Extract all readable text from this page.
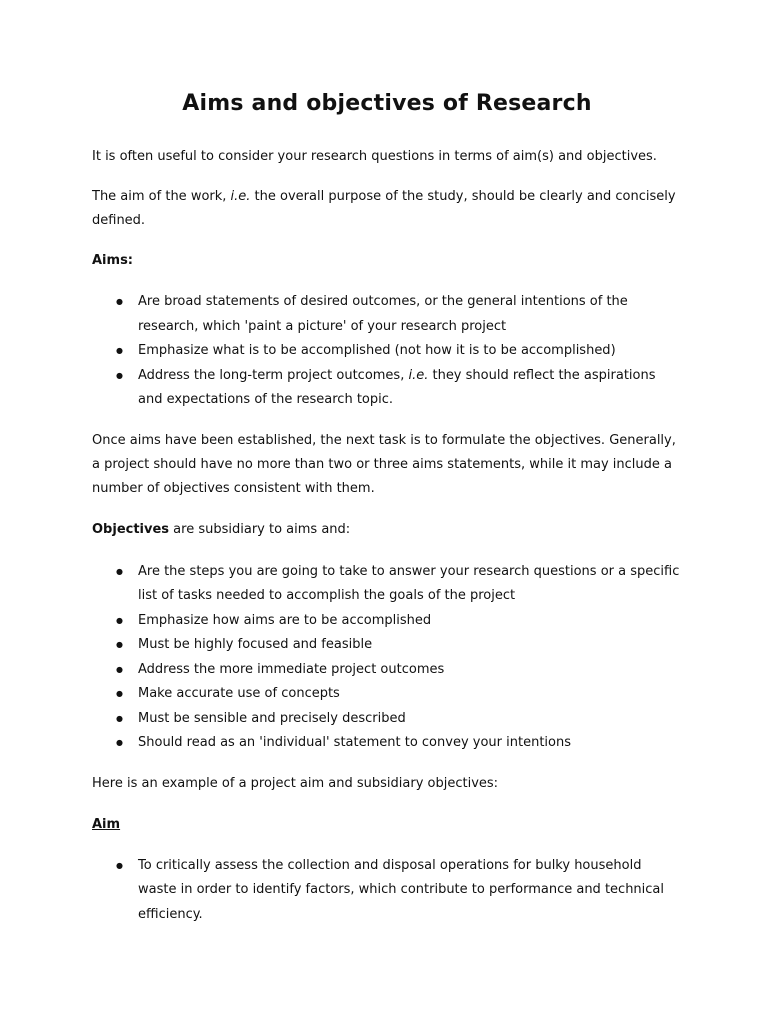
Aims and objectives of Research

It is often useful to consider your research questions in terms of aim(s) and objectives.

The aim of the work, i.e. the overall purpose of the study, should be clearly and concisely defined.

Aims:

● Are broad statements of desired outcomes, or the general intentions of the research, which 'paint a picture' of your research project
● Emphasize what is to be accomplished (not how it is to be accomplished)
● Address the long-term project outcomes, i.e. they should reflect the aspirations and expectations of the research topic.

Once aims have been established, the next task is to formulate the objectives. Generally, a project should have no more than two or three aims statements, while it may include a number of objectives consistent with them.

Objectives are subsidiary to aims and:

● Are the steps you are going to take to answer your research questions or a specific list of tasks needed to accomplish the goals of the project
● Emphasize how aims are to be accomplished
● Must be highly focused and feasible
● Address the more immediate project outcomes
● Make accurate use of concepts
● Must be sensible and precisely described
● Should read as an 'individual' statement to convey your intentions

Here is an example of a project aim and subsidiary objectives:

Aim

● To critically assess the collection and disposal operations for bulky household waste in order to identify factors, which contribute to performance and technical efficiency.
